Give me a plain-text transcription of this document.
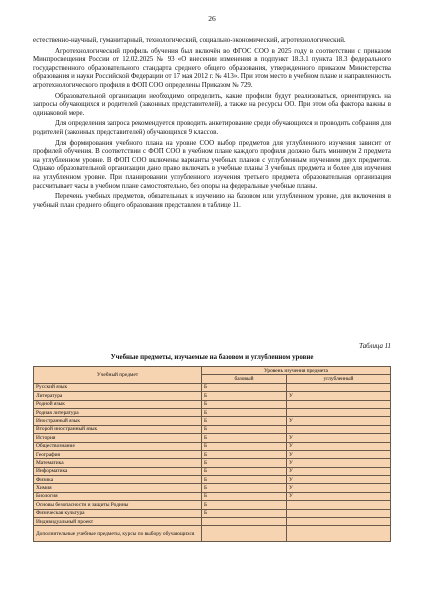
26

естественно-научный, гуманитарный, технологический, социально-экономический, агротехнологический.

Агротехнологический профиль обучения был включён во ФГОС СОО в 2025 году в соответствии с приказом Минпросвещения России от 12.02.2025 № 93 «О внесении изменения в подпункт 18.3.1 пункта 18.3 федерального государственного образовательного стандарта среднего общего образования, утвержденного приказом Министерства образования и науки Российской Федерации от 17 мая 2012 г. № 413». При этом место в учебном плане и направленность агротехнологического профиля в ФОП СОО определены Приказом № 729.

Образовательной организации необходимо определить, какие профили будут реализоваться, ориентируясь на запросы обучающихся и родителей (законных представителей), а также на ресурсы ОО. При этом оба фактора важны в одинаковой мере.

Для определения запроса рекомендуется проводить анкетирование среди обучающихся и проводить собрания для родителей (законных представителей) обучающихся 9 классов.

Для формирования учебного плана на уровне СОО выбор предметов для углубленного изучения зависит от профилей обучения. В соответствии с ФОП СОО в учебном плане каждого профиля должно быть минимум 2 предмета на углубленном уровне. В ФОП СОО включены варианты учебных планов с углубленным изучением двух предметов. Однако образовательной организации дано право включать в учебные планы 3 учебных предмета и более для изучения на углубленном уровне. При планировании углубленного изучения третьего предмета образовательная организация рассчитывает часы в учебном плане самостоятельно, без опоры на федеральные учебные планы.

Перечень учебных предметов, обязательных к изучению на базовом или углубленном уровне, для включения в учебный план среднего общего образования представлен в таблице 11.

Таблица 11
Учебные предметы, изучаемые на базовом и углубленном уровне
Учебный предмет	Уровень изучения предмета	
	базовый	углубленный
Русский язык	Б	
Литература	Б	У
Родной язык	Б	
Родная литература	Б	
Иностранный язык	Б	У
Второй иностранный язык	Б	
История	Б	У
Обществознание	Б	У
География	Б	У
Математика	Б	У
Информатика	Б	У
Физика	Б	У
Химия	Б	У
Биология	Б	У
Основы безопасности и защиты Родины	Б	
Физическая культура	Б	
Индивидуальный проект		
Дополнительные учебные предметы, курсы по выбору обучающихся		
